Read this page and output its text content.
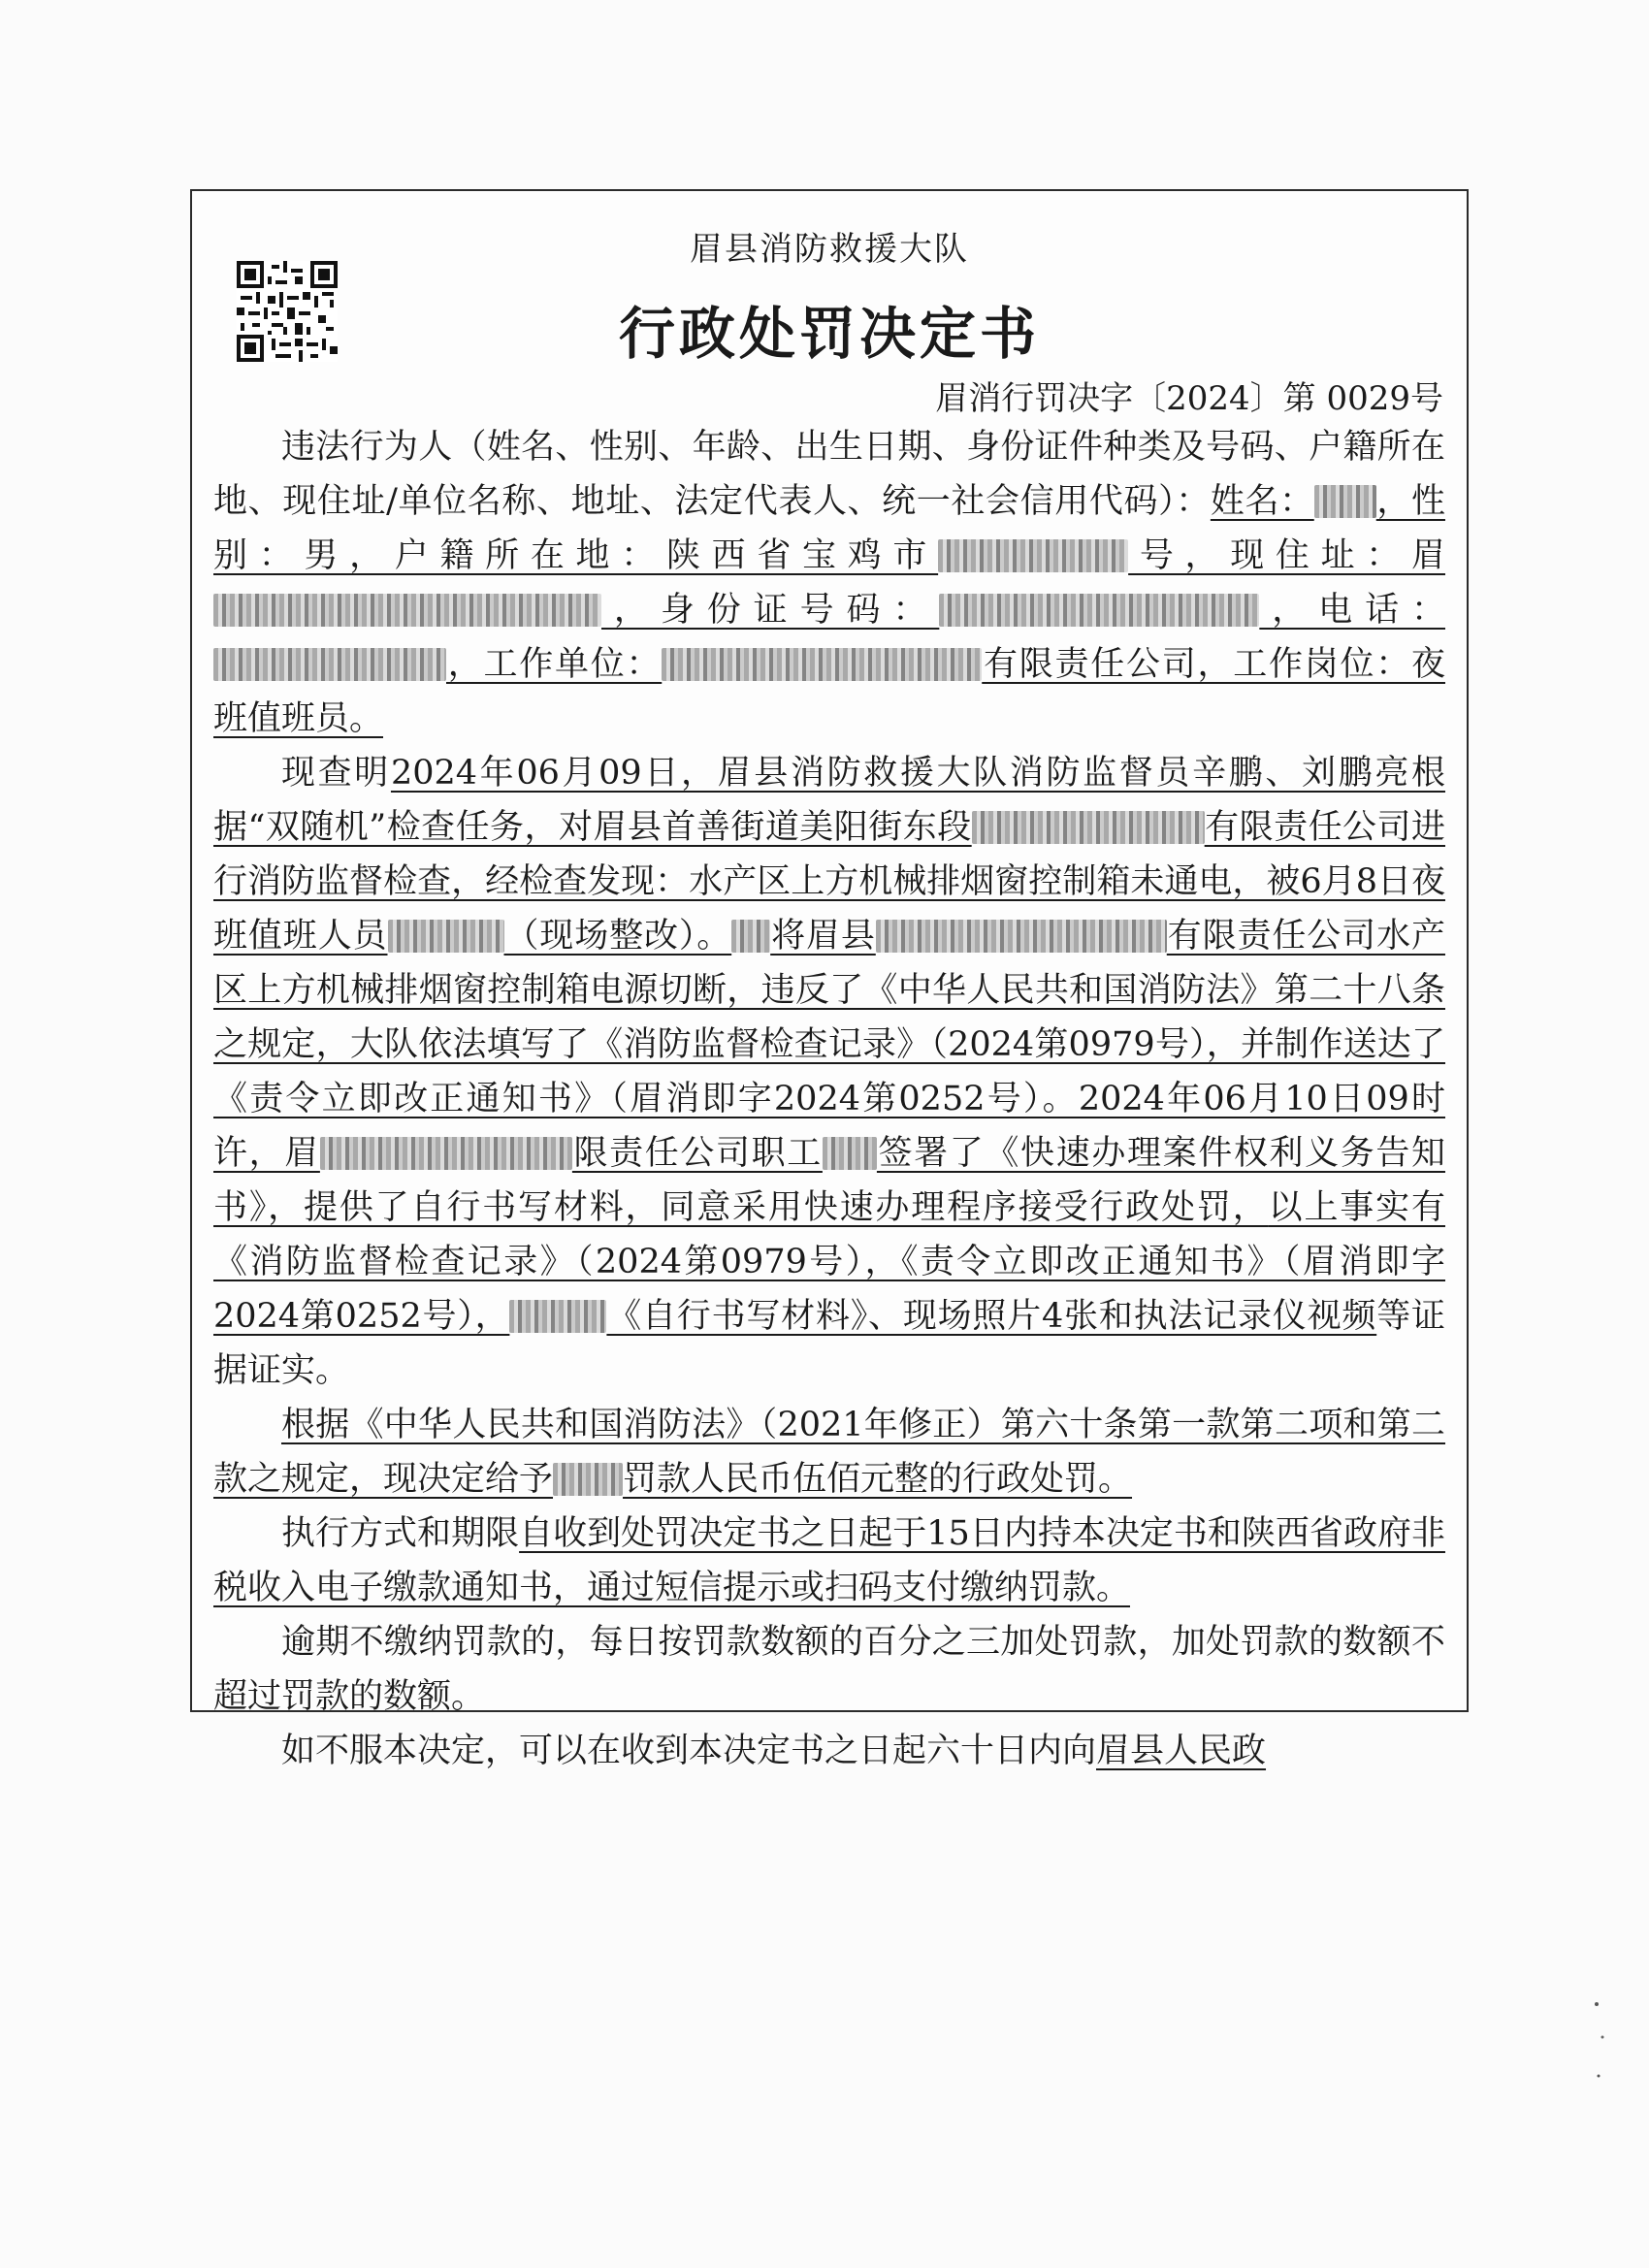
眉县消防救援大队
行政处罚决定书
眉消行罚决字〔2024〕第 0029号

违法行为人（姓名、性别、年龄、出生日期、身份证件种类及号码、户籍所在地、现住址/单位名称、地址、法定代表人、统一社会信用代码）：姓名： ，性别：男，户籍所在地：陕西省宝鸡市	号，现住址：眉，身份证号码：	，电话：，工作单位：	有限责任公司，工作岗位：夜班值班员。

现查明2024年06月09日，眉县消防救援大队消防监督员辛鹏、刘鹏亮根据“双随机”检查任务，对眉县首善街道美阳街东段	有限责任公司进行消防监督检查，经检查发现：水产区上方机械排烟窗控制箱未通电，被6月8日夜班值班人员	（现场整改）。 将眉县	有限责任公司水产区上方机械排烟窗控制箱电源切断，违反了《中华人民共和国消防法》第二十八条之规定，大队依法填写了《消防监督检查记录》（2024第0979号），并制作送达了《责令立即改正通知书》（眉消即字2024第0252号）。2024年06月10日09时许，眉	限责任公司职工 签署了《快速办理案件权利义务告知书》，提供了自行书写材料，同意采用快速办理程序接受行政处罚，以上事实有《消防监督检查记录》（2024第0979号），《责令立即改正通知书》（眉消即字2024第0252号），	《自行书写材料》、现场照片4张和执法记录仪视频等证据证实。

根据《中华人民共和国消防法》（2021年修正）第六十条第一款第二项和第二款之规定，现决定给予 罚款人民币伍佰元整的行政处罚。

执行方式和期限自收到处罚决定书之日起于15日内持本决定书和陕西省政府非税收入电子缴款通知书，通过短信提示或扫码支付缴纳罚款。

逾期不缴纳罚款的，每日按罚款数额的百分之三加处罚款，加处罚款的数额不超过罚款的数额。

如不服本决定，可以在收到本决定书之日起六十日内向眉县人民政
